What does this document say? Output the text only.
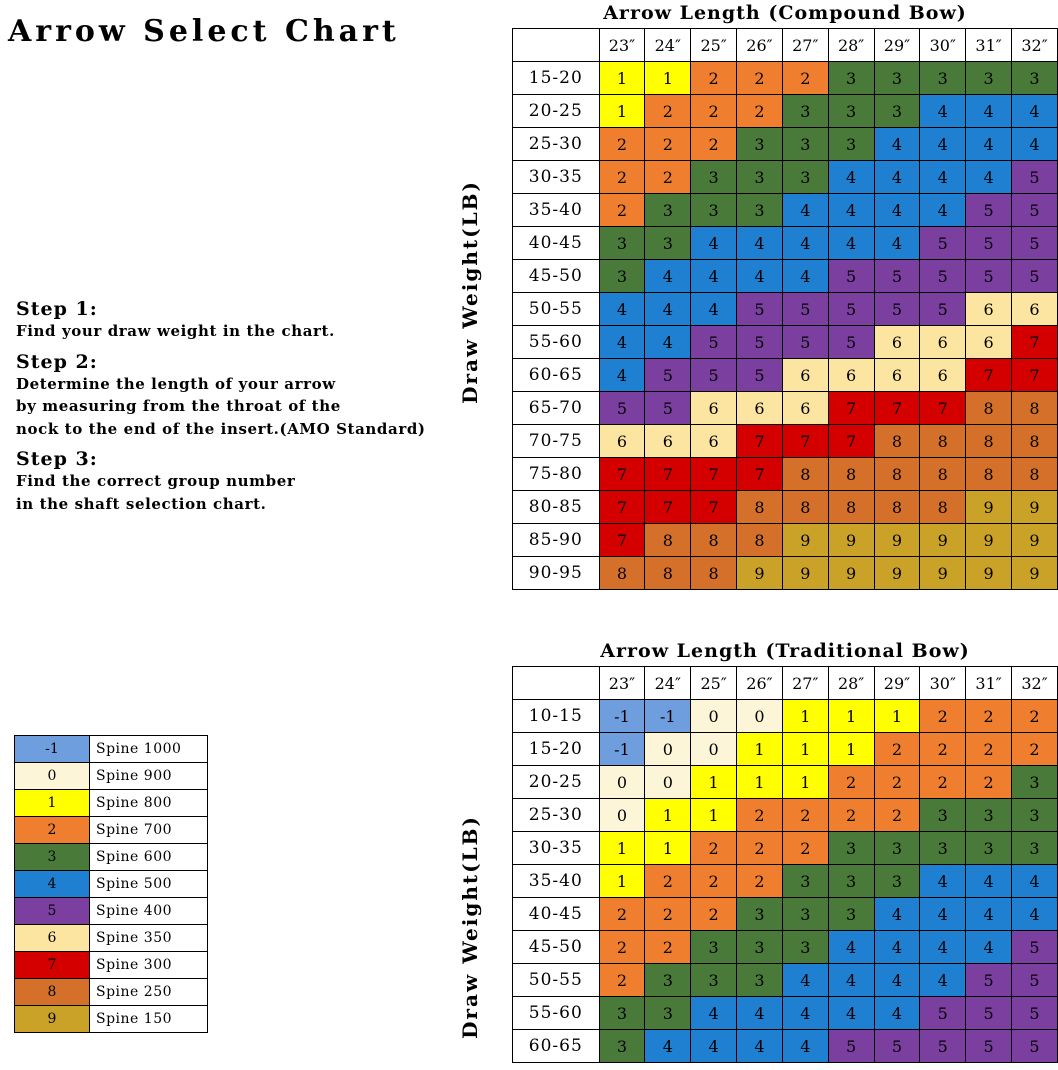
Arrow Select Chart
Step 1:
Find your draw weight in the chart.
Step 2:
Determine the length of your arrow
by measuring from the throat of the
nock to the end of the insert.(AMO Standard)
Step 3:
Find the correct group number
in the shaft selection chart.
-1	Spine 1000
0	Spine 900
1	Spine 800
2	Spine 700
3	Spine 600
4	Spine 500
5	Spine 400
6	Spine 350
7	Spine 300
8	Spine 250
9	Spine 150
Arrow Length (Compound Bow)
	23″	24″	25″	26″	27″	28″	29″	30″	31″	32″
15-20	1	1	2	2	2	3	3	3	3	3
20-25	1	2	2	2	3	3	3	4	4	4
25-30	2	2	2	3	3	3	4	4	4	4
30-35	2	2	3	3	3	4	4	4	4	5
35-40	2	3	3	3	4	4	4	4	5	5
40-45	3	3	4	4	4	4	4	5	5	5
45-50	3	4	4	4	4	5	5	5	5	5
50-55	4	4	4	5	5	5	5	5	6	6
55-60	4	4	5	5	5	5	6	6	6	7
60-65	4	5	5	5	6	6	6	6	7	7
65-70	5	5	6	6	6	7	7	7	8	8
70-75	6	6	6	7	7	7	8	8	8	8
75-80	7	7	7	7	8	8	8	8	8	8
80-85	7	7	7	8	8	8	8	8	9	9
85-90	7	8	8	8	9	9	9	9	9	9
90-95	8	8	8	9	9	9	9	9	9	9
Draw Weight(LB)
Arrow Length (Traditional Bow)
	23″	24″	25″	26″	27″	28″	29″	30″	31″	32″
10-15	-1	-1	0	0	1	1	1	2	2	2
15-20	-1	0	0	1	1	1	2	2	2	2
20-25	0	0	1	1	1	2	2	2	2	3
25-30	0	1	1	2	2	2	2	3	3	3
30-35	1	1	2	2	2	3	3	3	3	3
35-40	1	2	2	2	3	3	3	4	4	4
40-45	2	2	2	3	3	3	4	4	4	4
45-50	2	2	3	3	3	4	4	4	4	5
50-55	2	3	3	3	4	4	4	4	5	5
55-60	3	3	4	4	4	4	4	5	5	5
60-65	3	4	4	4	4	5	5	5	5	5
Draw Weight(LB)
